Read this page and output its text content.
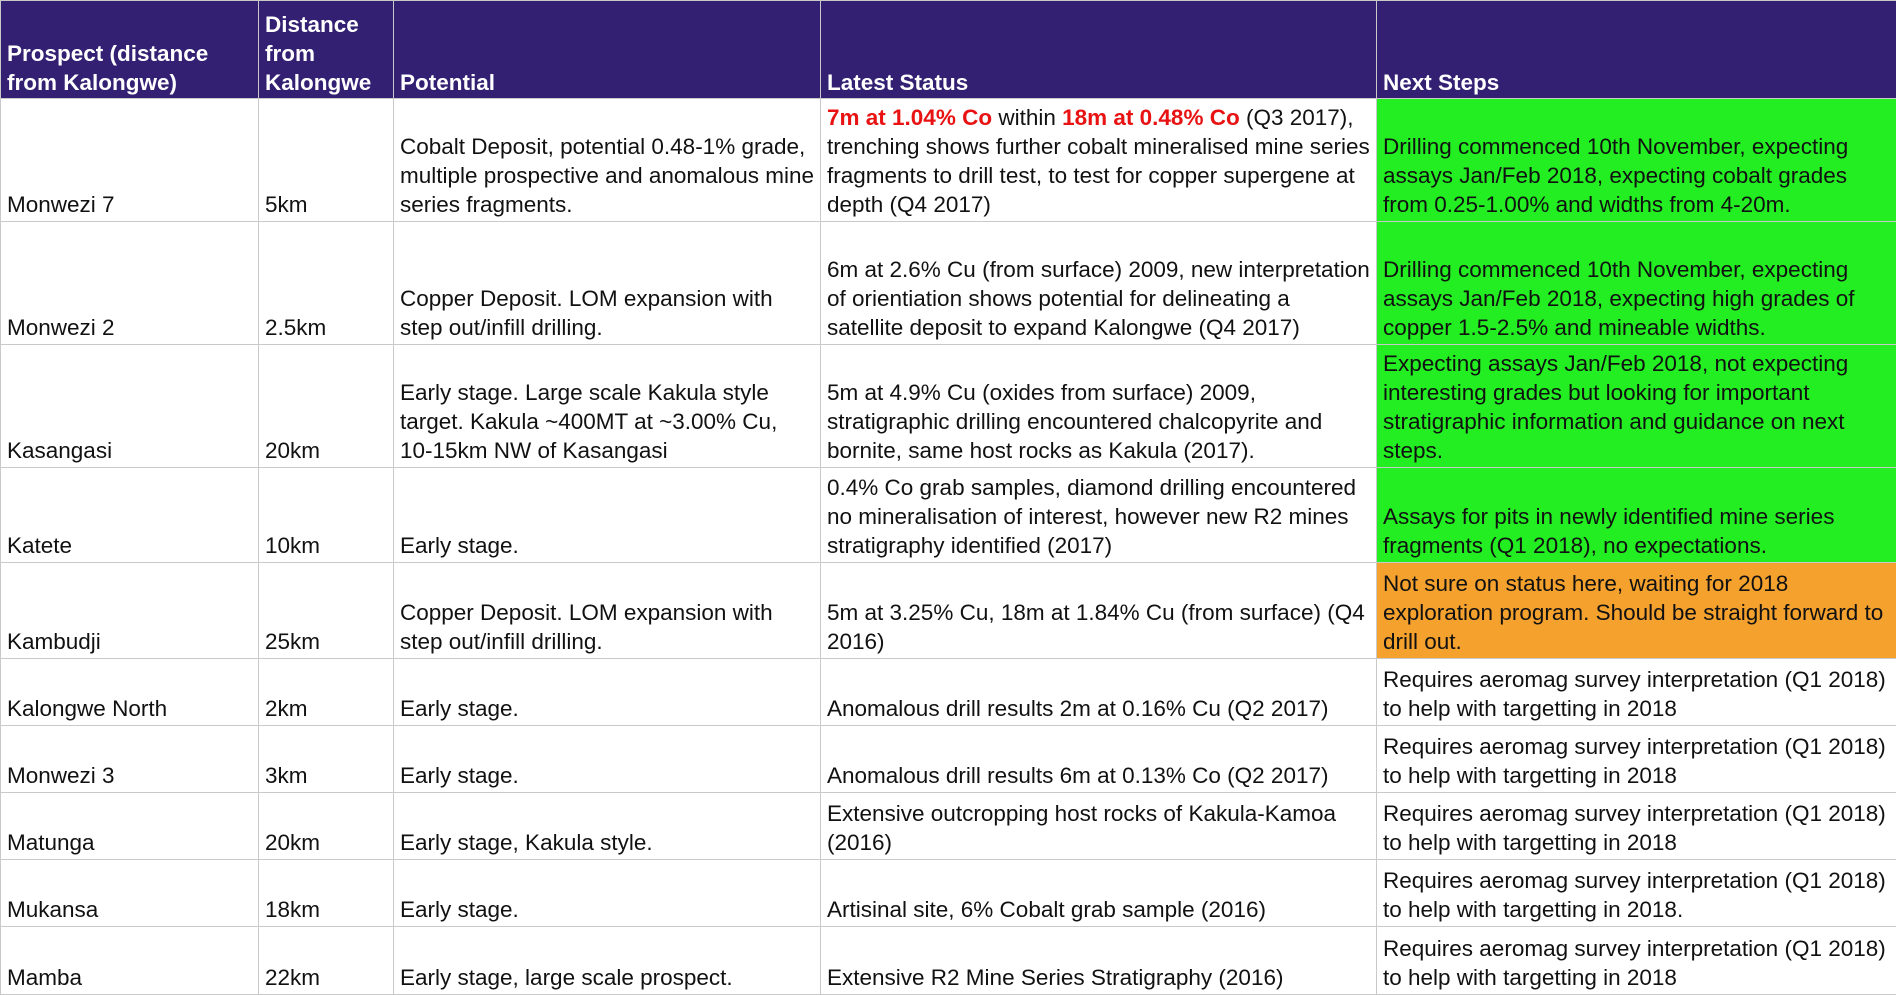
Prospect (distance from Kalongwe)	Distance from Kalongwe	Potential	Latest Status	Next Steps
Monwezi 7	5km	Cobalt Deposit, potential 0.48-1% grade, multiple prospective and anomalous mine series fragments.	7m at 1.04% Co within 18m at 0.48% Co (Q3 2017), trenching shows further cobalt mineralised mine series fragments to drill test, to test for copper supergene at depth (Q4 2017)	Drilling commenced 10th November, expecting assays Jan/Feb 2018, expecting cobalt grades from 0.25-1.00% and widths from 4-20m.
Monwezi 2	2.5km	Copper Deposit. LOM expansion with step out/infill drilling.	6m at 2.6% Cu (from surface) 2009, new interpretation of orientiation shows potential for delineating a satellite deposit to expand Kalongwe (Q4 2017)	Drilling commenced 10th November, expecting assays Jan/Feb 2018, expecting high grades of copper 1.5-2.5% and mineable widths.
Kasangasi	20km	Early stage. Large scale Kakula style target. Kakula ~400MT at ~3.00% Cu, 10-15km NW of Kasangasi	5m at 4.9% Cu (oxides from surface) 2009, stratigraphic drilling encountered chalcopyrite and bornite, same host rocks as Kakula (2017).	Expecting assays Jan/Feb 2018, not expecting interesting grades but looking for important stratigraphic information and guidance on next steps.
Katete	10km	Early stage.	0.4% Co grab samples, diamond drilling encountered no mineralisation of interest, however new R2 mines stratigraphy identified (2017)	Assays for pits in newly identified mine series fragments (Q1 2018), no expectations.
Kambudji	25km	Copper Deposit. LOM expansion with step out/infill drilling.	5m at 3.25% Cu, 18m at 1.84% Cu (from surface) (Q4 2016)	Not sure on status here, waiting for 2018 exploration program. Should be straight forward to drill out.
Kalongwe North	2km	Early stage.	Anomalous drill results 2m at 0.16% Cu (Q2 2017)	Requires aeromag survey interpretation (Q1 2018) to help with targetting in 2018
Monwezi 3	3km	Early stage.	Anomalous drill results 6m at 0.13% Co (Q2 2017)	Requires aeromag survey interpretation (Q1 2018) to help with targetting in 2018
Matunga	20km	Early stage, Kakula style.	Extensive outcropping host rocks of Kakula-Kamoa (2016)	Requires aeromag survey interpretation (Q1 2018) to help with targetting in 2018
Mukansa	18km	Early stage.	Artisinal site, 6% Cobalt grab sample (2016)	Requires aeromag survey interpretation (Q1 2018) to help with targetting in 2018.
Mamba	22km	Early stage, large scale prospect.	Extensive R2 Mine Series Stratigraphy (2016)	Requires aeromag survey interpretation (Q1 2018) to help with targetting in 2018
